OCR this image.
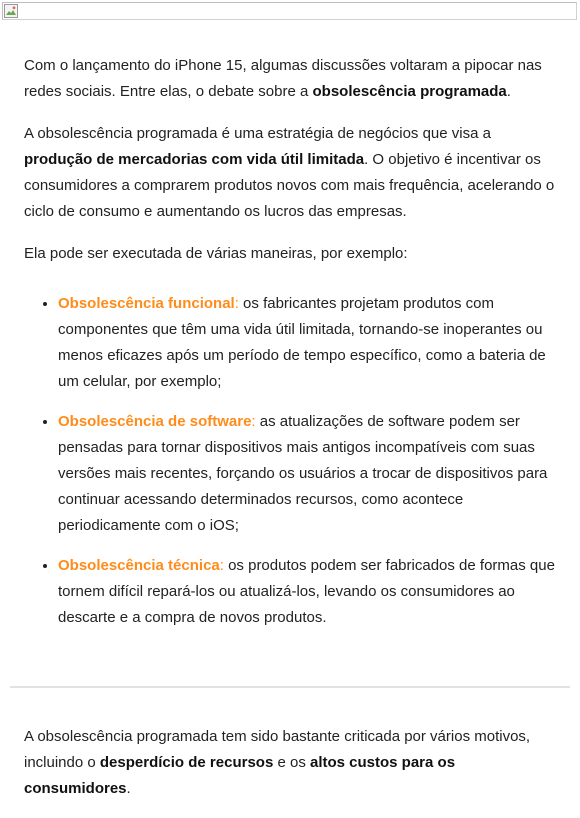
Com o lançamento do iPhone 15, algumas discussões voltaram a pipocar nas redes sociais. Entre elas, o debate sobre a obsolescência programada.

A obsolescência programada é uma estratégia de negócios que visa a produção de mercadorias com vida útil limitada. O objetivo é incentivar os consumidores a comprarem produtos novos com mais frequência, acelerando o ciclo de consumo e aumentando os lucros das empresas.

Ela pode ser executada de várias maneiras, por exemplo:

• Obsolescência funcional: os fabricantes projetam produtos com componentes que têm uma vida útil limitada, tornando-se inoperantes ou menos eficazes após um período de tempo específico, como a bateria de um celular, por exemplo;
• Obsolescência de software: as atualizações de software podem ser pensadas para tornar dispositivos mais antigos incompatíveis com suas versões mais recentes, forçando os usuários a trocar de dispositivos para continuar acessando determinados recursos, como acontece periodicamente com o iOS;
• Obsolescência técnica: os produtos podem ser fabricados de formas que tornem difícil repará-los ou atualizá-los, levando os consumidores ao descarte e a compra de novos produtos.

A obsolescência programada tem sido bastante criticada por vários motivos, incluindo o desperdício de recursos e os altos custos para os consumidores.
